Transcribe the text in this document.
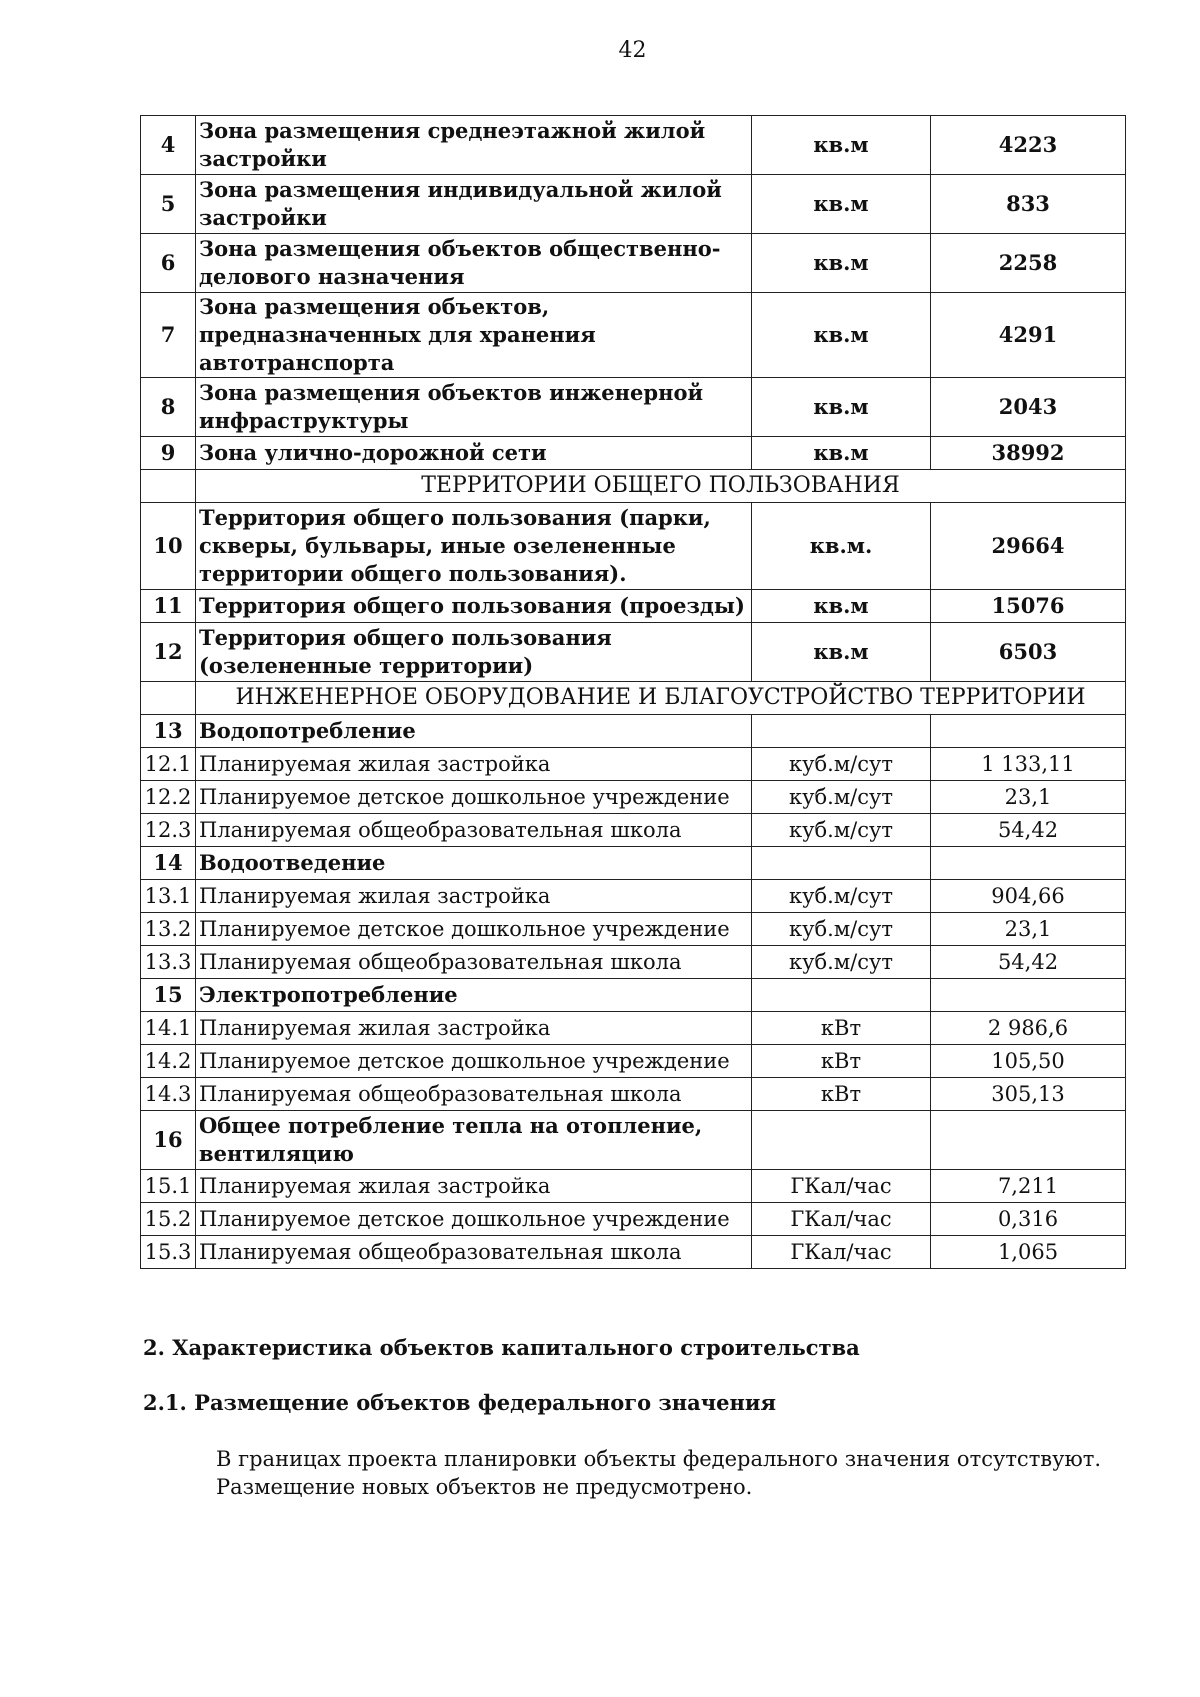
42
4	Зона размещения среднеэтажной жилой застройки	кв.м	4223
5	Зона размещения индивидуальной жилой застройки	кв.м	833
6	Зона размещения объектов общественно-делового назначения	кв.м	2258
7	Зона размещения объектов, предназначенных для хранения автотранспорта	кв.м	4291
8	Зона размещения объектов инженерной инфраструктуры	кв.м	2043
9	Зона улично-дорожной сети	кв.м	38992
	ТЕРРИТОРИИ ОБЩЕГО ПОЛЬЗОВАНИЯ		
10	Территория общего пользования (парки, скверы, бульвары, иные озелененные территории общего пользования).	кв.м.	29664
11	Территория общего пользования (проезды)	кв.м	15076
12	Территория общего пользования (озелененные территории)	кв.м	6503
	ИНЖЕНЕРНОЕ ОБОРУДОВАНИЕ И БЛАГОУСТРОЙСТВО ТЕРРИТОРИИ		
13	Водопотребление		
12.1	Планируемая жилая застройка	куб.м/сут	1 133,11
12.2	Планируемое детское дошкольное учреждение	куб.м/сут	23,1
12.3	Планируемая общеобразовательная школа	куб.м/сут	54,42
14	Водоотведение		
13.1	Планируемая жилая застройка	куб.м/сут	904,66
13.2	Планируемое детское дошкольное учреждение	куб.м/сут	23,1
13.3	Планируемая общеобразовательная школа	куб.м/сут	54,42
15	Электропотребление		
14.1	Планируемая жилая застройка	кВт	2 986,6
14.2	Планируемое детское дошкольное учреждение	кВт	105,50
14.3	Планируемая общеобразовательная школа	кВт	305,13
16	Общее потребление тепла на отопление, вентиляцию		
15.1	Планируемая жилая застройка	ГКал/час	7,211
15.2	Планируемое детское дошкольное учреждение	ГКал/час	0,316
15.3	Планируемая общеобразовательная школа	ГКал/час	1,065
2. Характеристика объектов капитального строительства
2.1. Размещение объектов федерального значения
В границах проекта планировки объекты федерального значения отсутствуют.
Размещение новых объектов не предусмотрено.
